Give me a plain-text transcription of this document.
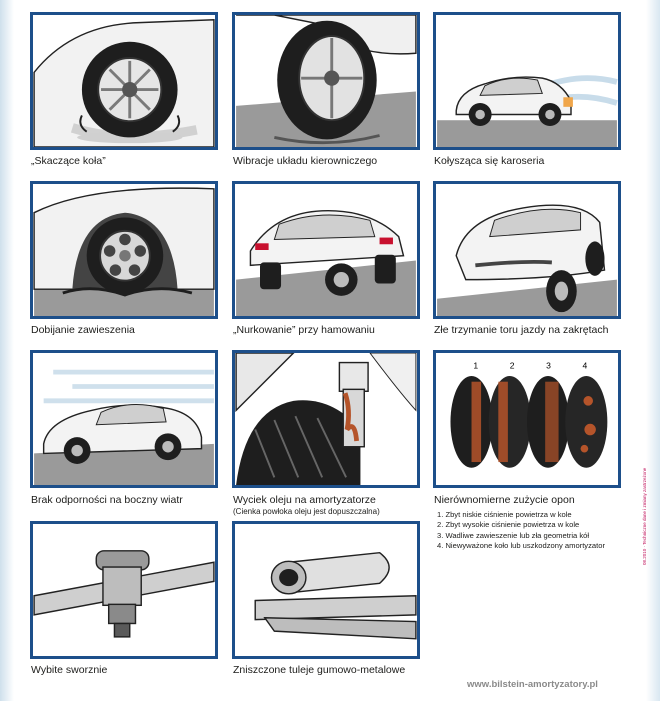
„Skaczące koła”	Wibracje układu kierowniczego	Kołysząca się karoseria
Dobijanie zawieszenia	„Nurkowanie” przy hamowaniu	Złe trzymanie toru jazdy na zakrętach
Brak odporności na boczny wiatr	Wyciek oleju na amortyzatorze
(Cienka powłoka oleju jest dopuszczalna)
1	2	3	4
Nierównomierne zużycie opon
1. Zbyt niskie ciśnienie powietrza w kole
2. Zbyt wysokie ciśnienie powietrza w kole
3. Wadliwe zawieszenie lub zła geometria kół
4. Niewyważone koło lub uszkodzony amortyzator
Wybite sworznie	Zniszczone tuleje gumowo-metalowe
www.bilstein-amortyzatory.pl
08.2010 · Techniczne dane i zmiany zastrzeżone
